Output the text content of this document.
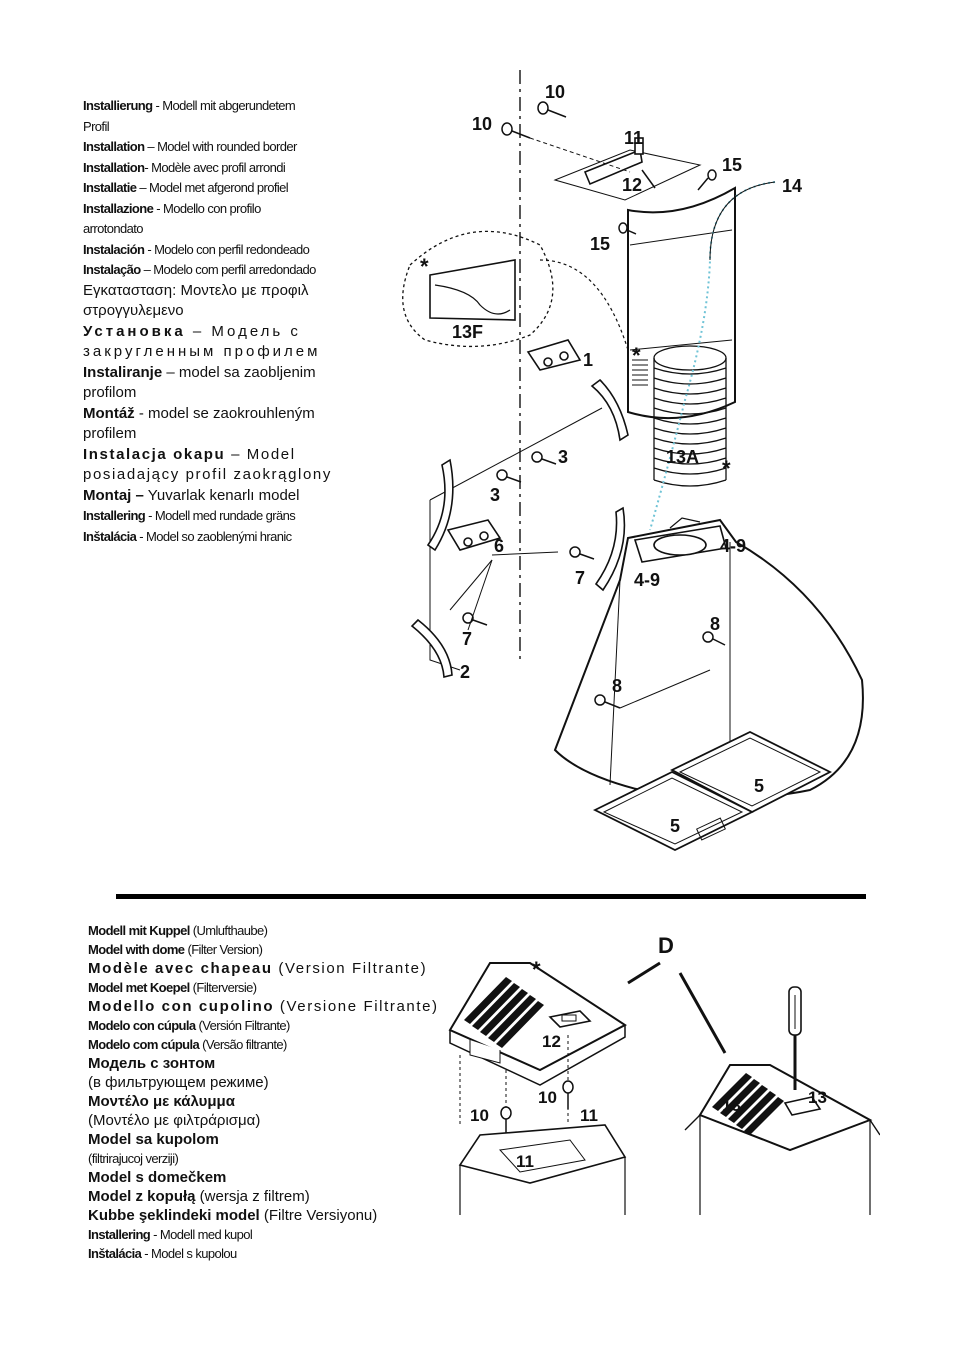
Installierung - Modell mit abgerundetem
Profil
Installation – Model with rounded border
Installation- Modèle avec profil arrondi
Installatie – Model met afgerond profiel
Installazione - Modello con profilo
arrotondato
Instalación - Modelo con perfil redondeado
Instalação – Modelo com perfil arredondado
Εγκατασταση: Μοντελο με προφιλ
στρογγυλεμενο
Установка – Модель с
закругленным профилем
Instaliranje – model sa zaobljenim
profilom
Montáž - model se zaokrouhleným
profilem
Instalacja okapu – Model
posiadający profil zaokrąglony
Montaj – Yuvarlak kenarlı model
Installering - Modell med rundade gräns
Inštalácia - Model so zaoblenými hranic
10
10
11
12
15
14
15
13F
1
13A
3
3
6
7
7
2
4-9
4-9
8
8
5
5
*
*
*
Modell mit Kuppel (Umlufthaube)
Model with dome (Filter Version)
Modèle avec chapeau (Version Filtrante)
Model met Koepel (Filterversie)
Modello con cupolino (Versione Filtrante)
Modelo con cúpula (Versión Filtrante)
Modelo com cúpula (Versão filtrante)
Модель с зонтом
(в фильтрующем режиме)
Μοντέλο με κάλυμμα
(Μοντέλο με φιλτράρισμα)
Model sa kupolom
(filtrirajucoj verziji)
Model s domečkem
Model z kopułą (wersja z filtrem)
Kubbe şeklindeki model (Filtre Versiyonu)
Installering - Modell med kupol
Inštalácia - Model s kupolou
D
*
12
10
10	11
11
13	13
